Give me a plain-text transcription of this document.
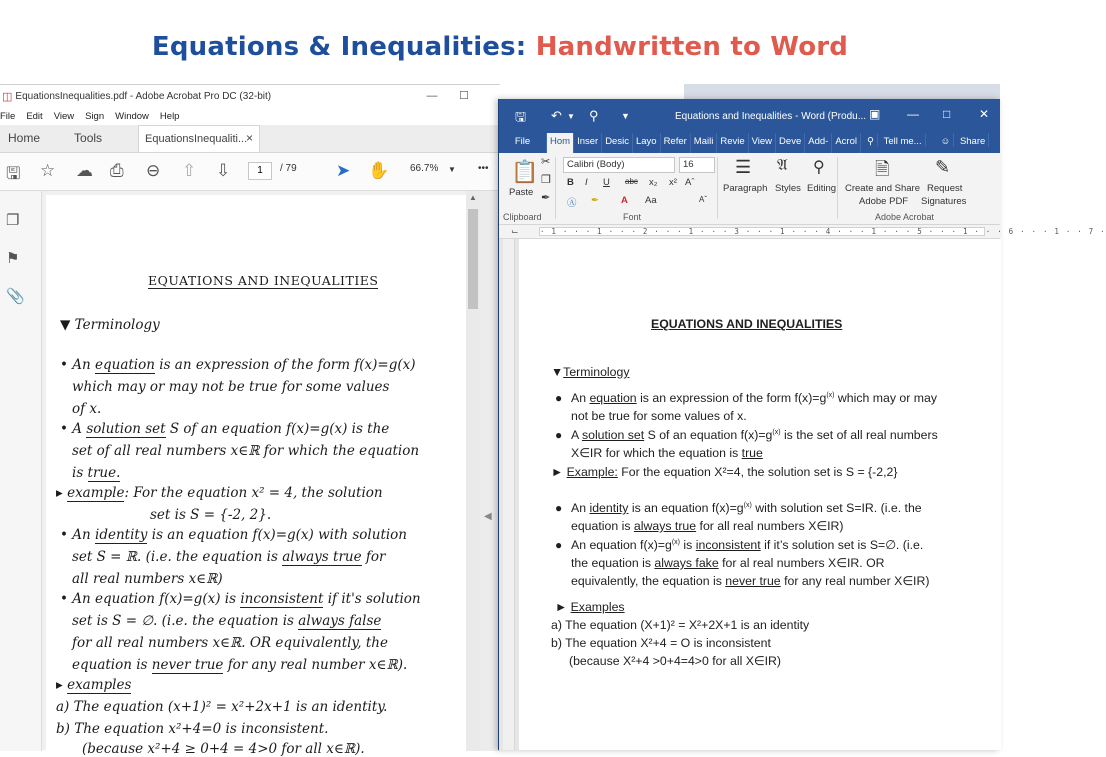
Equations & Inequalities: Handwritten to Word
◫ EquationsInequalities.pdf - Adobe Acrobat Pro DC (32-bit)	—	☐
File Edit View Sign Window Help
Home	Tools	EquationsInequaliti...
×
🖫 ☆ ☁ ⎙ ⊖ ⇧ ⇩	1	/ 79 ➤ ✋ 66.7% ▼ •••
❐
⚑
📎
EQUATIONS AND INEQUALITIES
▼ Terminology
• An equation is an expression of the form f(x)=g(x)
which may or may not be true for some values
of x.
• A solution set S of an equation f(x)=g(x) is the
set of all real numbers x∈ℝ for which the equation
is true.
▸ example: For the equation x² = 4, the solution
set is S = {-2, 2}.
• An identity is an equation f(x)=g(x) with solution
set S = ℝ. (i.e. the equation is always true for
all real numbers x∈ℝ)
• An equation f(x)=g(x) is inconsistent if it's solution
set is S = ∅. (i.e. the equation is always false
for all real numbers x∈ℝ. OR equivalently, the
equation is never true for any real number x∈ℝ).
▸ examples
a) The equation (x+1)² = x²+2x+1 is an identity.
b) The equation x²+4=0 is inconsistent.
(because x²+4 ≥ 0+4 = 4>0 for all x∈ℝ).
▲
◀
🖫 ↶ ▼ ⚲ ▼	Equations and Inequalities - Word (Produ... ▣ — □ ✕
File	Hom Inser Desic Layo Refer Maili Revie View Deve Add- Acrol	⚲ Tell me...	☺ Share
📋 ✂
❐
✒
Paste
Clipboard
Calibri (Body)	16
B I U abc x₂ x²
Ⓐ ✒ A Aa
Aˆ
Aˇ
Font
☰
Paragraph
𝔄
Styles
⚲
Editing
🗎
Create and Share
Adobe PDF
✎
Request
Signatures
Adobe Acrobat
⌙	· 1 · · · 1 · · · 2 · · · 1 · · · 3 · · · 1 · · · 4 · · · 1 · · · 5 · · · 1 · · · 6 · · · 1 · · 7 ·
EQUATIONS AND INEQUALITIES
▼Terminology
● An equation is an expression of the form $f(x)=g^{(x)}$ which may or may
not be true for some values of x.
● A solution set S of an equation $f(x)=g^{(x)}$ is the set of all real numbers
X∈IR for which the equation is true
► Example: For the equation X²=4, the solution set is S = {-2,2}
● An identity is an equation $f(x)=g^{(x)}$ with solution set S=IR. (i.e. the
equation is always true for all real numbers X∈IR)
● An equation $f(x)=g^{(x)}$ is inconsistent if it’s solution set is S=∅. (i.e.
the equation is always fake for al real numbers X∈IR. OR
equivalently, the equation is never true for any real number X∈IR)
► Examples
a) The equation (X+1)² = X²+2X+1 is an identity
b) The equation X²+4 = O is inconsistent
(because X²+4 >0+4=4>0 for all X∈IR)
